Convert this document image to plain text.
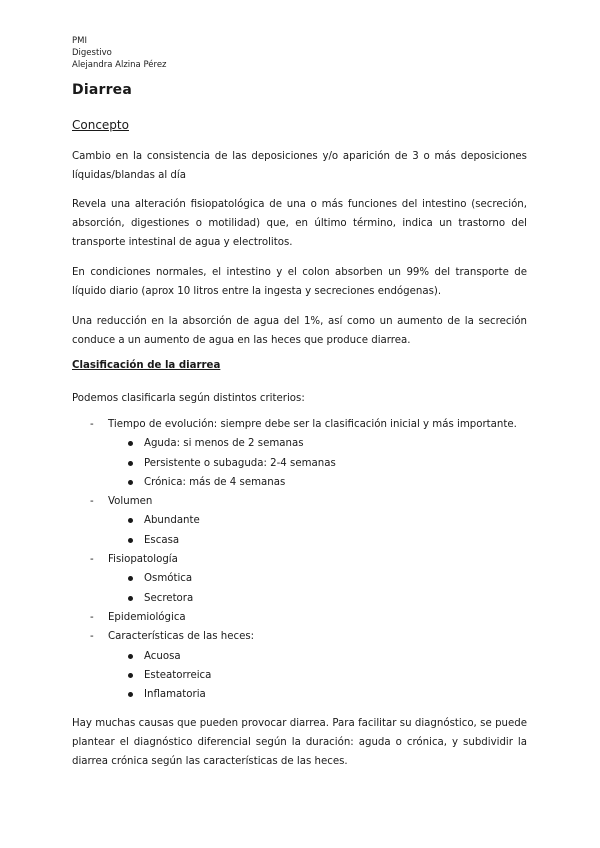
PMI
Digestivo
Alejandra Alzina Pérez
Diarrea
Concepto
Cambio en la consistencia de las deposiciones y/o aparición de 3 o más deposiciones líquidas/blandas al día
Revela una alteración fisiopatológica de una o más funciones del intestino (secreción, absorción, digestiones o motilidad) que, en último término, indica un trastorno del transporte intestinal de agua y electrolitos.
En condiciones normales, el intestino y el colon absorben un 99% del transporte de líquido diario (aprox 10 litros entre la ingesta y secreciones endógenas).
Una reducción en la absorción de agua del 1%, así como un aumento de la secreción conduce a un aumento de agua en las heces que produce diarrea.
Clasificación de la diarrea
Podemos clasificarla según distintos criterios:
- Tiempo de evolución: siempre debe ser la clasificación inicial y más importante.
Aguda: si menos de 2 semanas
Persistente o subaguda: 2-4 semanas
Crónica: más de 4 semanas
- Volumen
Abundante
Escasa
- Fisiopatología
Osmótica
Secretora
- Epidemiológica
- Características de las heces:
Acuosa
Esteatorreica
Inflamatoria
Hay muchas causas que pueden provocar diarrea. Para facilitar su diagnóstico, se puede plantear el diagnóstico diferencial según la duración: aguda o crónica, y subdividir la diarrea crónica según las características de las heces.
